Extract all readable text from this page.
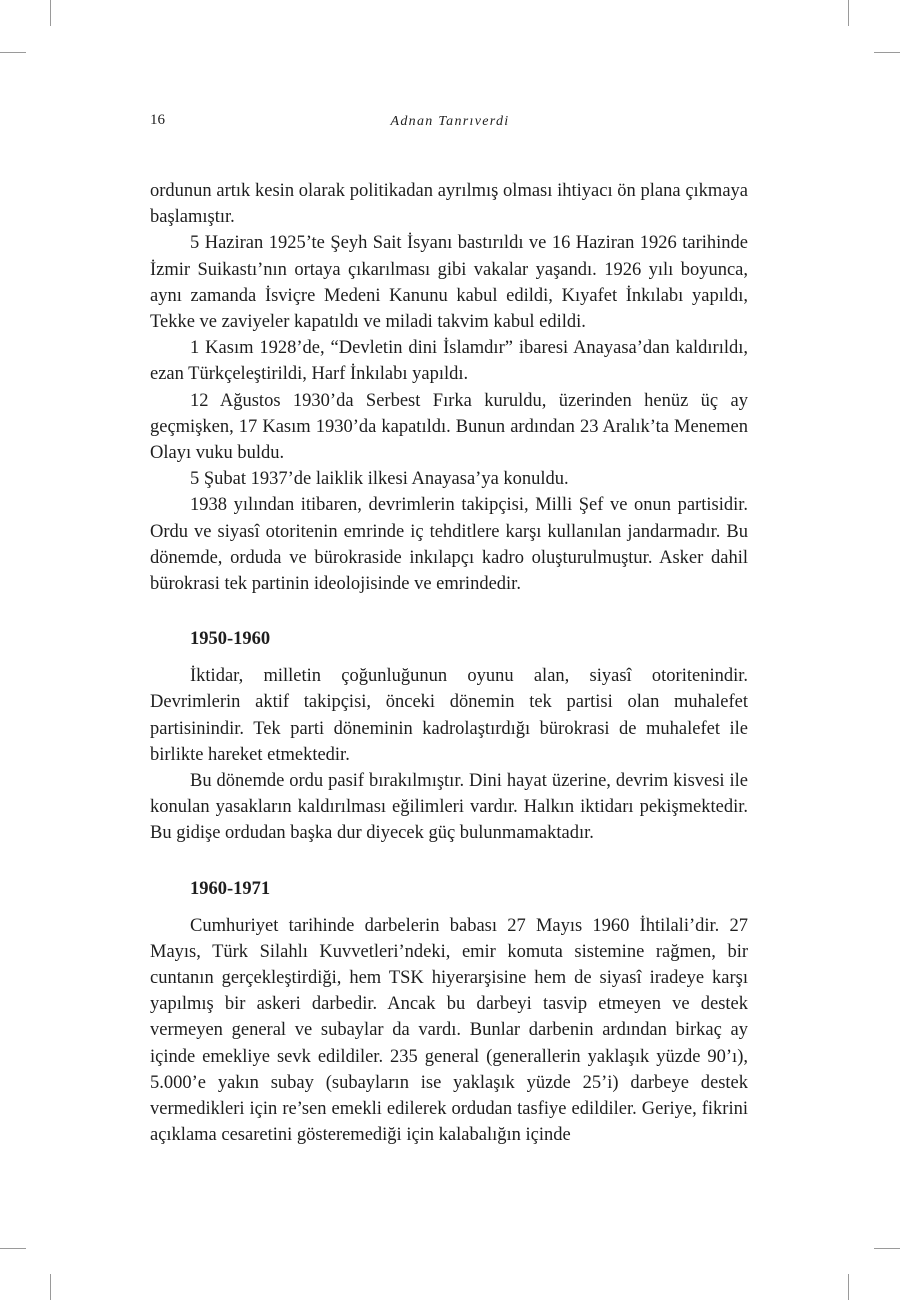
16	Adnan Tanrıverdi

ordunun artık kesin olarak politikadan ayrılmış olması ihtiyacı ön plana çıkmaya başlamıştır.

5 Haziran 1925’te Şeyh Sait İsyanı bastırıldı ve 16 Haziran 1926 tarihinde İzmir Suikastı’nın ortaya çıkarılması gibi vakalar yaşandı. 1926 yılı boyunca, aynı zamanda İsviçre Medeni Kanunu kabul edildi, Kıyafet İnkılabı yapıldı, Tekke ve zaviyeler kapatıldı ve miladi takvim kabul edildi.

1 Kasım 1928’de, “Devletin dini İslamdır” ibaresi Anayasa’dan kaldırıldı, ezan Türkçeleştirildi, Harf İnkılabı yapıldı.

12 Ağustos 1930’da Serbest Fırka kuruldu, üzerinden henüz üç ay geçmişken, 17 Kasım 1930’da kapatıldı. Bunun ardından 23 Aralık’ta Menemen Olayı vuku buldu.

5 Şubat 1937’de laiklik ilkesi Anayasa’ya konuldu.

1938 yılından itibaren, devrimlerin takipçisi, Milli Şef ve onun partisidir. Ordu ve siyasî otoritenin emrinde iç tehditlere karşı kullanılan jandarmadır. Bu dönemde, orduda ve bürokraside inkılapçı kadro oluşturulmuştur. Asker dahil bürokrasi tek partinin ideolojisinde ve emrindedir.

1950-1960

İktidar, milletin çoğunluğunun oyunu alan, siyasî otoritenindir. Devrimlerin aktif takipçisi, önceki dönemin tek partisi olan muhalefet partisinindir. Tek parti döneminin kadrolaştırdığı bürokrasi de muhalefet ile birlikte hareket etmektedir.

Bu dönemde ordu pasif bırakılmıştır. Dini hayat üzerine, devrim kisvesi ile konulan yasakların kaldırılması eğilimleri vardır. Halkın iktidarı pekişmektedir. Bu gidişe ordudan başka dur diyecek güç bulunmamaktadır.

1960-1971

Cumhuriyet tarihinde darbelerin babası 27 Mayıs 1960 İhtilali’dir. 27 Mayıs, Türk Silahlı Kuvvetleri’ndeki, emir komuta sistemine rağmen, bir cuntanın gerçekleştirdiği, hem TSK hiyerarşisine hem de siyasî iradeye karşı yapılmış bir askeri darbedir. Ancak bu darbeyi tasvip etmeyen ve destek vermeyen general ve subaylar da vardı. Bunlar darbenin ardından birkaç ay içinde emekliye sevk edildiler. 235 general (generallerin yaklaşık yüzde 90’ı), 5.000’e yakın subay (subayların ise yaklaşık yüzde 25’i) darbeye destek vermedikleri için re’sen emekli edilerek ordudan tasfiye edildiler. Geriye, fikrini açıklama cesaretini gösteremediği için kalabalığın içinde
